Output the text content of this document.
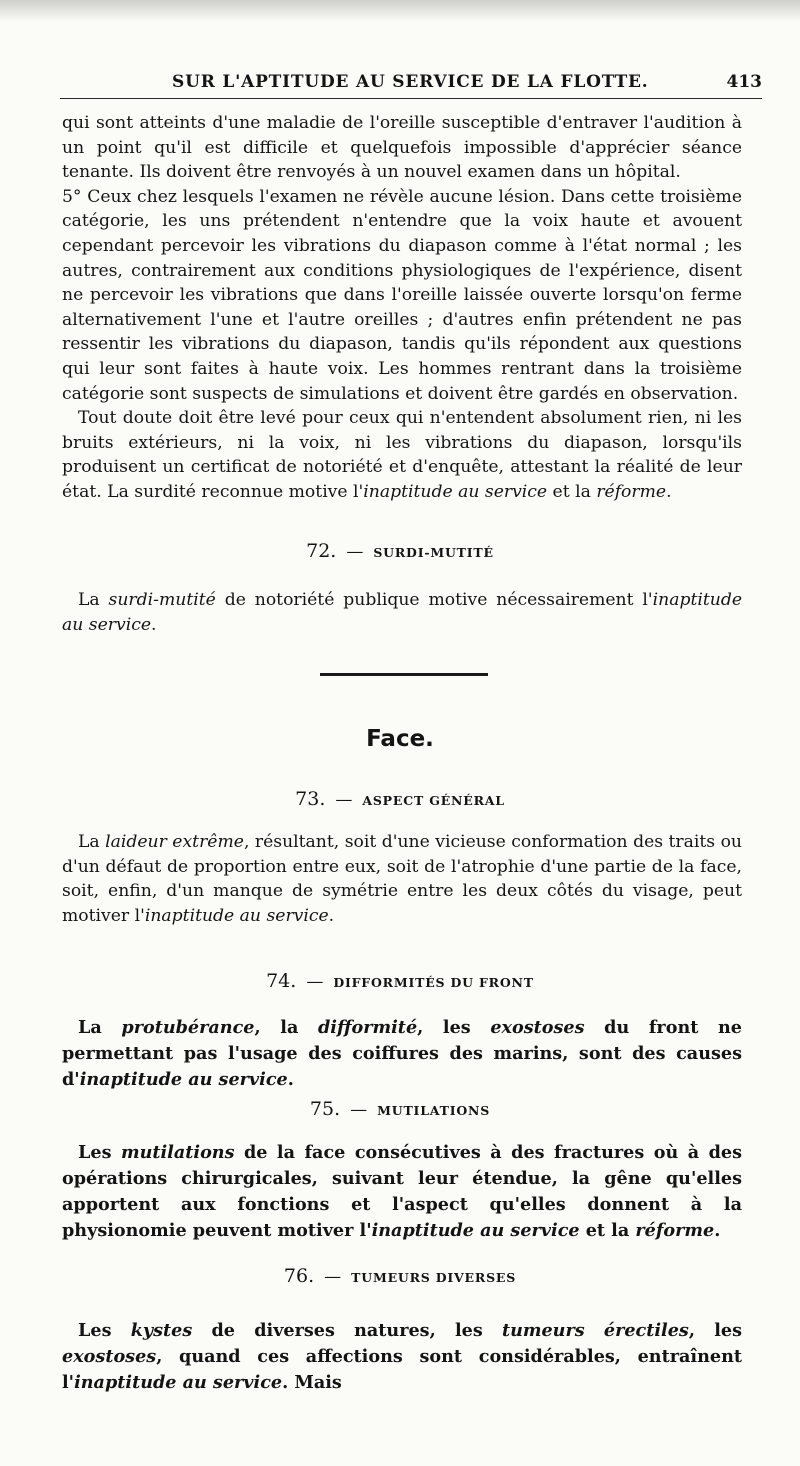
SUR L'APTITUDE AU SERVICE DE LA FLOTTE.	413

qui sont atteints d'une maladie de l'oreille susceptible d'entraver l'audition à un point qu'il est difficile et quelquefois impossible d'apprécier séance tenante. Ils doivent être renvoyés à un nouvel examen dans un hôpital.

5° Ceux chez lesquels l'examen ne révèle aucune lésion. Dans cette troisième catégorie, les uns prétendent n'entendre que la voix haute et avouent cependant percevoir les vibrations du diapason comme à l'état normal ; les autres, contrairement aux conditions physiologiques de l'expérience, disent ne percevoir les vibrations que dans l'oreille laissée ouverte lorsqu'on ferme alternativement l'une et l'autre oreilles ; d'autres enfin prétendent ne pas ressentir les vibrations du diapason, tandis qu'ils répondent aux questions qui leur sont faites à haute voix. Les hommes rentrant dans la troisième catégorie sont suspects de simulations et doivent être gardés en observation.

Tout doute doit être levé pour ceux qui n'entendent absolument rien, ni les bruits extérieurs, ni la voix, ni les vibrations du diapason, lorsqu'ils produisent un certificat de notoriété et d'enquête, attestant la réalité de leur état. La surdité reconnue motive l'inaptitude au service et la réforme.

72. — SURDI-MUTITÉ

La surdi-mutité de notoriété publique motive nécessairement l'inaptitude au service.

Face.
73. — ASPECT GÉNÉRAL

La laideur extrême, résultant, soit d'une vicieuse conformation des traits ou d'un défaut de proportion entre eux, soit de l'atrophie d'une partie de la face, soit, enfin, d'un manque de symétrie entre les deux côtés du visage, peut motiver l'inaptitude au service.

74. — DIFFORMITÉS DU FRONT

La protubérance, la difformité, les exostoses du front ne permettant pas l'usage des coiffures des marins, sont des causes d'inaptitude au service.

75. — MUTILATIONS

Les mutilations de la face consécutives à des fractures où à des opérations chirurgicales, suivant leur étendue, la gêne qu'elles apportent aux fonctions et l'aspect qu'elles donnent à la physionomie peuvent motiver l'inaptitude au service et la réforme.

76. — TUMEURS DIVERSES

Les kystes de diverses natures, les tumeurs érectiles, les exostoses, quand ces affections sont considérables, entraînent l'inaptitude au service. Mais
